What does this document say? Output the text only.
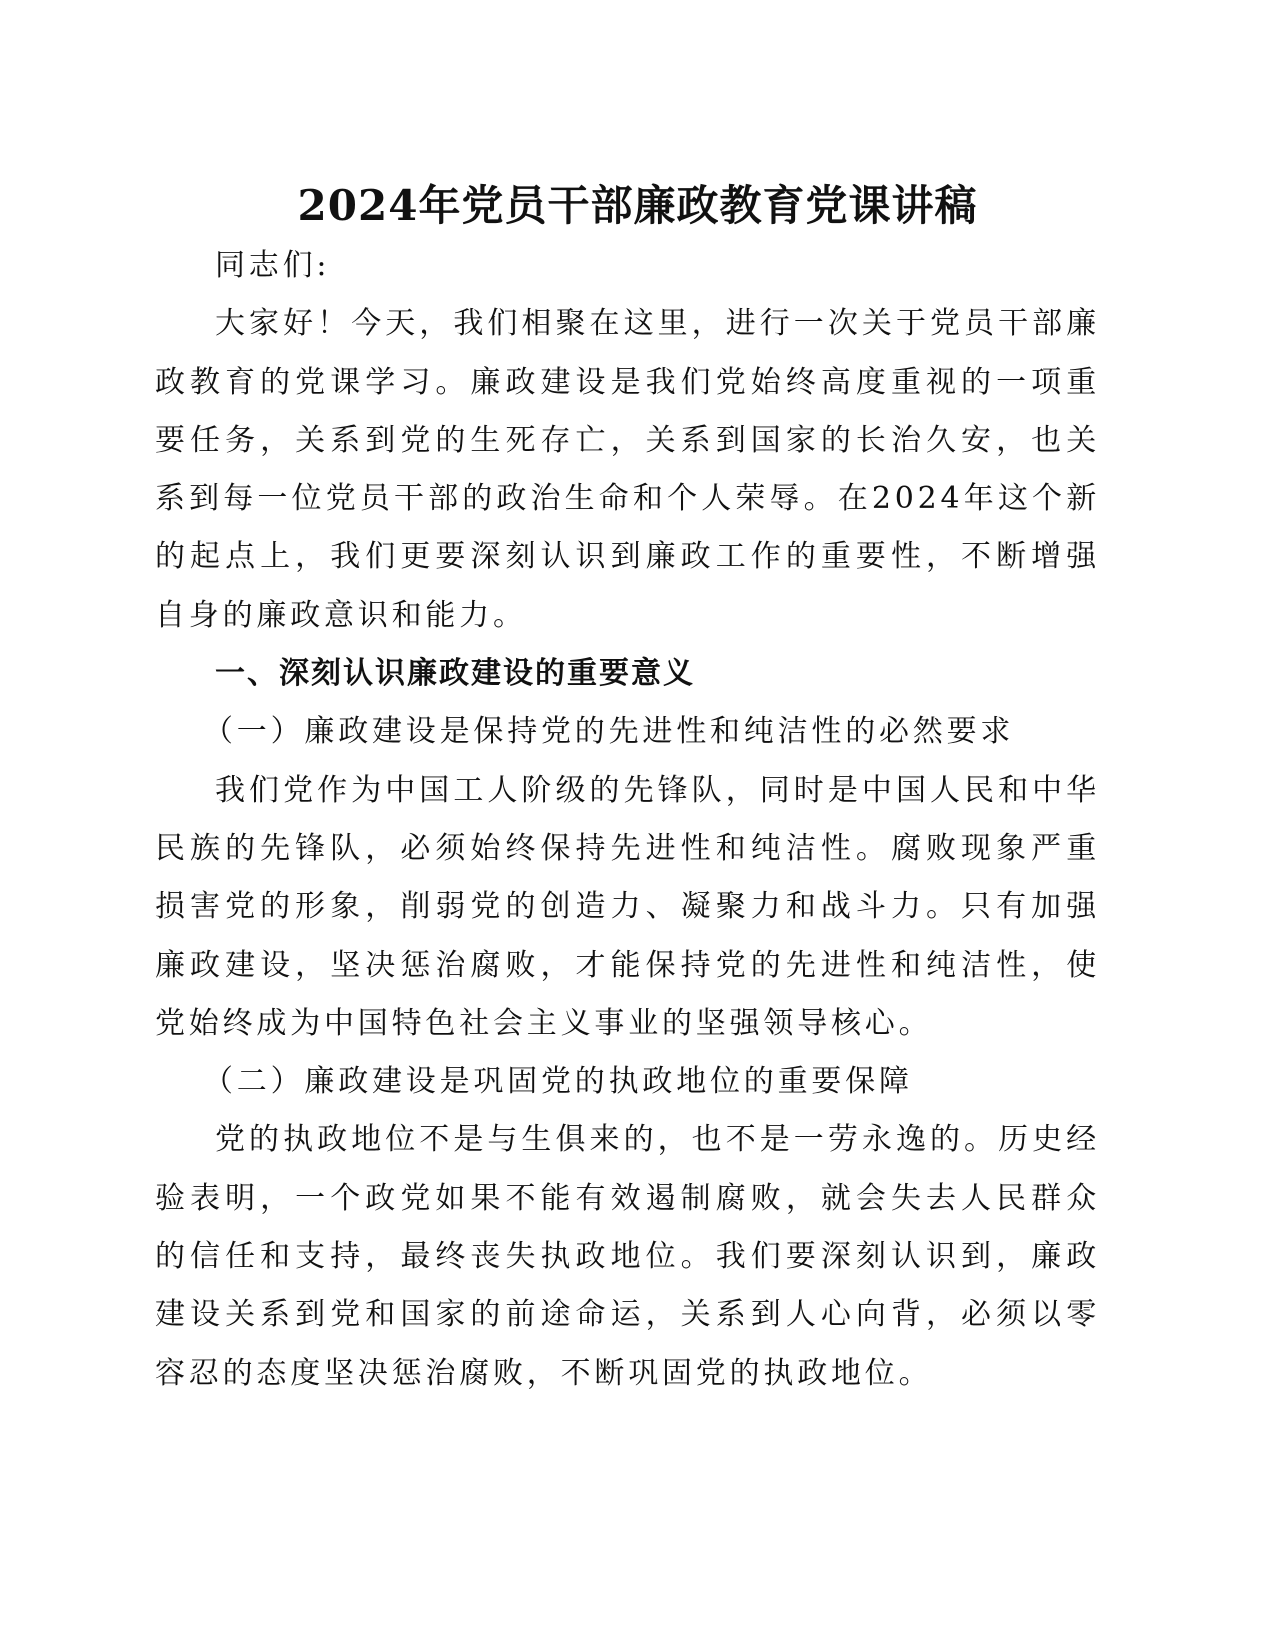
2024年党员干部廉政教育党课讲稿

同志们:

大家好！今天，我们相聚在这里，进行一次关于党员干部廉政教育的党课学习。廉政建设是我们党始终高度重视的一项重要任务，关系到党的生死存亡，关系到国家的长治久安，也关系到每一位党员干部的政治生命和个人荣辱。在2024年这个新的起点上，我们更要深刻认识到廉政工作的重要性，不断增强自身的廉政意识和能力。

一、深刻认识廉政建设的重要意义

（一）廉政建设是保持党的先进性和纯洁性的必然要求

我们党作为中国工人阶级的先锋队，同时是中国人民和中华民族的先锋队，必须始终保持先进性和纯洁性。腐败现象严重损害党的形象，削弱党的创造力、凝聚力和战斗力。只有加强廉政建设，坚决惩治腐败，才能保持党的先进性和纯洁性，使党始终成为中国特色社会主义事业的坚强领导核心。

（二）廉政建设是巩固党的执政地位的重要保障

党的执政地位不是与生俱来的，也不是一劳永逸的。历史经验表明，一个政党如果不能有效遏制腐败，就会失去人民群众的信任和支持，最终丧失执政地位。我们要深刻认识到，廉政建设关系到党和国家的前途命运，关系到人心向背，必须以零容忍的态度坚决惩治腐败，不断巩固党的执政地位。
